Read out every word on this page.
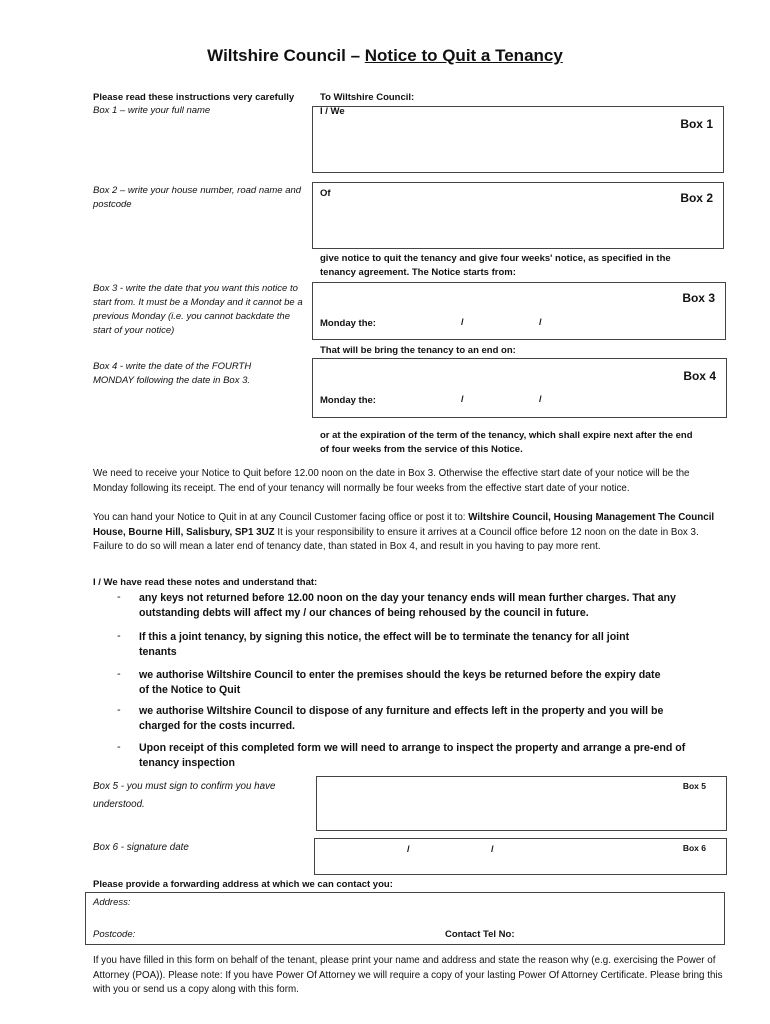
Wiltshire Council – Notice to Quit a Tenancy
Please read these instructions very carefully	To Wiltshire Council:
Box 1 – write your full name	I / We
Box 1
Box 2 – write your house number, road name and postcode
Of	Box 2
give notice to quit the tenancy and give four weeks' notice, as specified in the tenancy agreement. The Notice starts from:
Box 3 - write the date that you want this notice to start from. It must be a Monday and it cannot be a previous Monday (i.e. you cannot backdate the start of your notice)
Box 3
Monday the:	/	/
That will be bring the tenancy to an end on:
Box 4 - write the date of the FOURTH MONDAY following the date in Box 3.	Box 4
Monday the:	/	/
or at the expiration of the term of the tenancy, which shall expire next after the end of four weeks from the service of this Notice.
We need to receive your Notice to Quit before 12.00 noon on the date in Box 3. Otherwise the effective start date of your notice will be the Monday following its receipt. The end of your tenancy will normally be four weeks from the effective start date of your notice.
You can hand your Notice to Quit in at any Council Customer facing office or post it to: Wiltshire Council, Housing Management The Council House, Bourne Hill, Salisbury, SP1 3UZ It is your responsibility to ensure it arrives at a Council office before 12 noon on the date in Box 3. Failure to do so will mean a later end of tenancy date, than stated in Box 4, and result in you having to pay more rent.
I / We have read these notes and understand that:
- any keys not returned before 12.00 noon on the day your tenancy ends will mean further charges. That any outstanding debts will affect my / our chances of being rehoused by the council in future.
- If this a joint tenancy, by signing this notice, the effect will be to terminate the tenancy for all joint tenants
- we authorise Wiltshire Council to enter the premises should the keys be returned before the expiry date of the Notice to Quit
- we authorise Wiltshire Council to dispose of any furniture and effects left in the property and you will be charged for the costs incurred.
- Upon receipt of this completed form we will need to arrange to inspect the property and arrange a pre-end of tenancy inspection
Box 5 - you must sign to confirm you have understood.
Box 5
Box 6 - signature date	/	/	Box 6
Please provide a forwarding address at which we can contact you:
Address:
Postcode:	Contact Tel No:
If you have filled in this form on behalf of the tenant, please print your name and address and state the reason why (e.g. exercising the Power of Attorney (POA)). Please note: If you have Power Of Attorney we will require a copy of your lasting Power Of Attorney Certificate. Please bring this with you or send us a copy along with this form.
